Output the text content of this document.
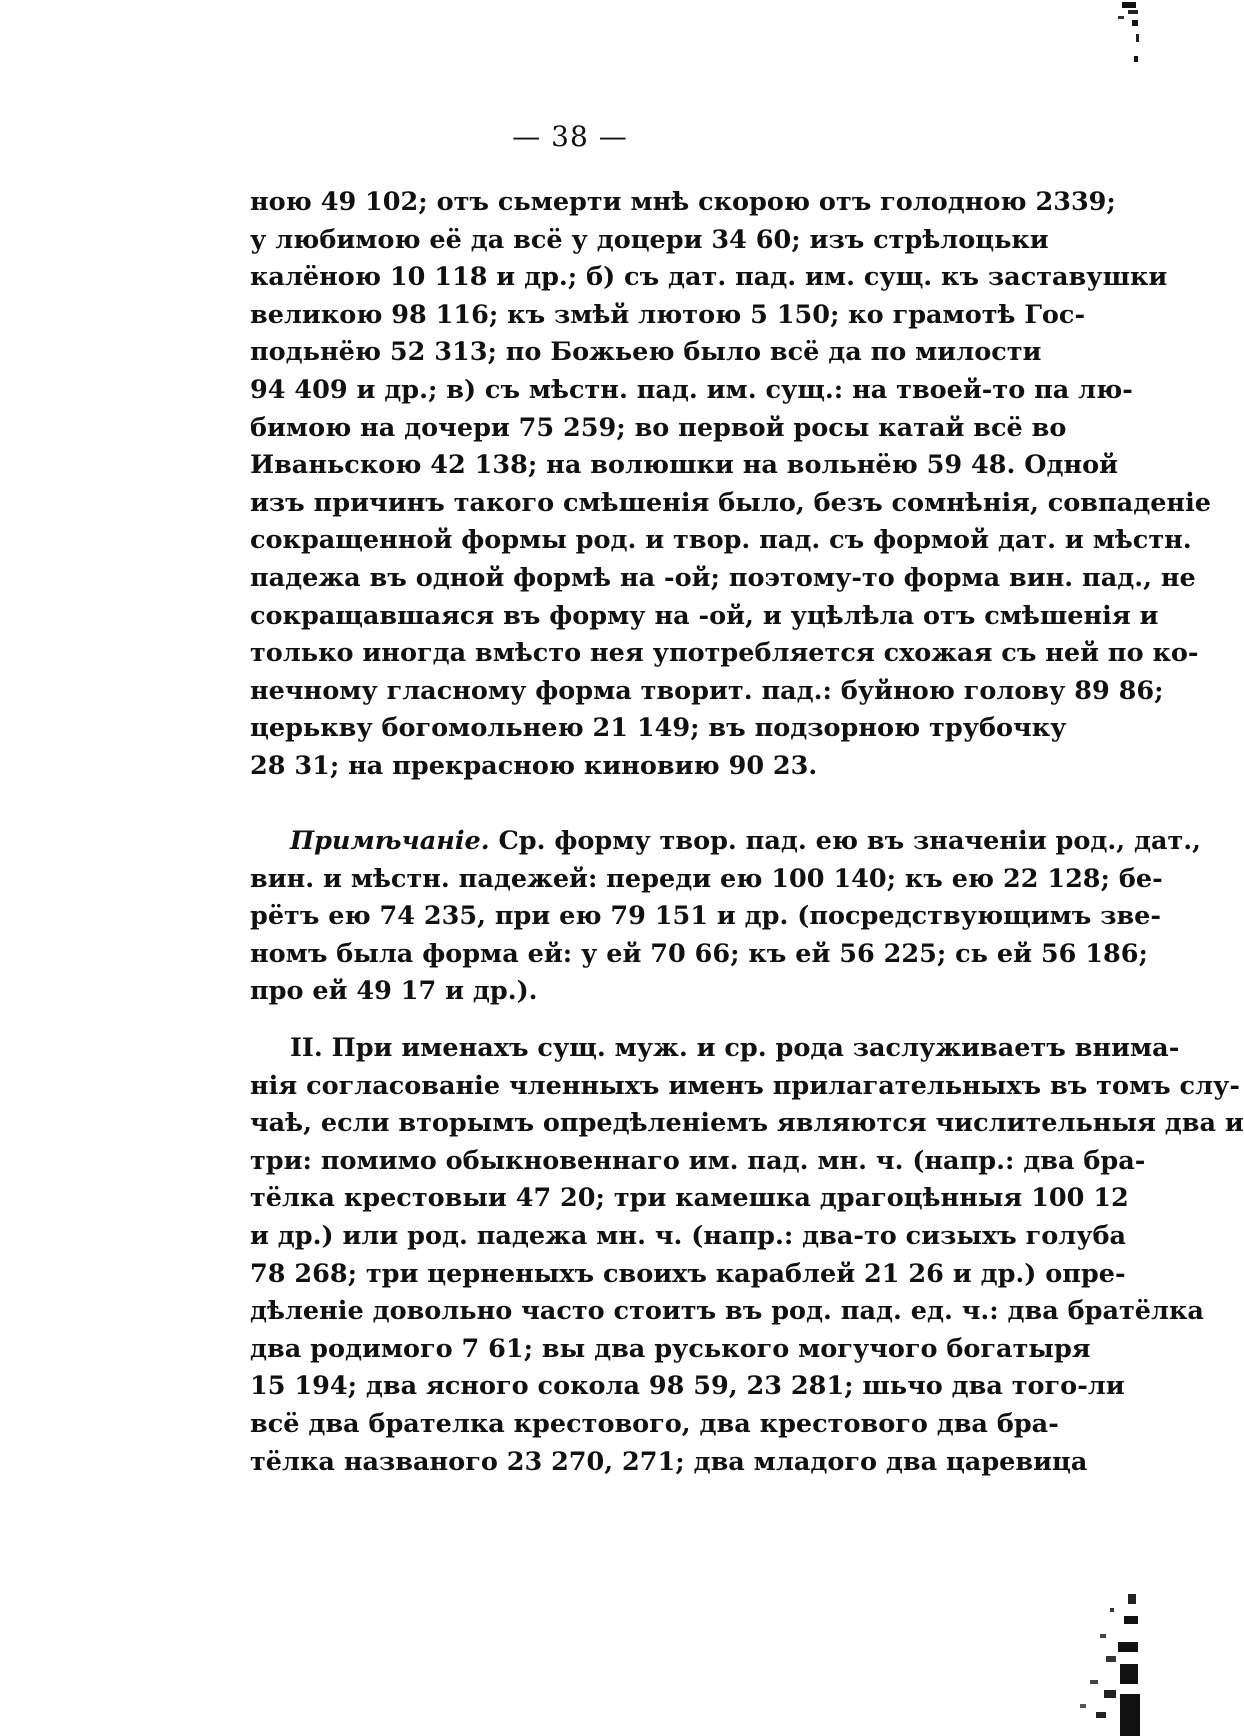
— 38 —
ною 49 102; отъ сьмерти мнѣ скорою отъ голодною 2339;
у любимою её да всё у доцери 34 60; изъ стрѣлоцьки
калёною 10 118 и др.; б) съ дат. пад. им. сущ. къ заставушки
великою 98 116; къ змѣй лютою 5 150; ко грамотѣ Гос-
подьнёю 52 313; по Божьею было всё да по милости
94 409 и др.; в) съ мѣстн. пад. им. сущ.: на твоей-то па лю-
бимою на дочери 75 259; во первой росы катай всё во
Иваньскою 42 138; на волюшки на вольнёю 59 48. Одной
изъ причинъ такого смѣшенія было, безъ сомнѣнія, совпаденіе
сокращенной формы род. и твор. пад. съ формой дат. и мѣстн.
падежа въ одной формѣ на -ой; поэтому-то форма вин. пад., не
сокращавшаяся въ форму на -ой, и уцѣлѣла отъ смѣшенія и
только иногда вмѣсто нея употребляется схожая съ ней по ко-
нечному гласному форма творит. пад.: буйною голову 89 86;
церькву богомольнею 21 149; въ подзорною трубочку
28 31; на прекрасною киновию 90 23.
Примѣчаніе. Ср. форму твор. пад. ею въ значеніи род., дат.,
вин. и мѣстн. падежей: переди ею 100 140; къ ею 22 128; бе-
рётъ ею 74 235, при ею 79 151 и др. (посредствующимъ зве-
номъ была форма ей: у ей 70 66; къ ей 56 225; сь ей 56 186;
про ей 49 17 и др.).
II. При именахъ сущ. муж. и ср. рода заслуживаетъ внима-
нія согласованіе членныхъ именъ прилагательныхъ въ томъ слу-
чаѣ, если вторымъ опредѣленіемъ являются числительныя два и
три: помимо обыкновеннаго им. пад. мн. ч. (напр.: два бра-
тёлка крестовыи 47 20; три камешка драгоцѣнныя 100 12
и др.) или род. падежа мн. ч. (напр.: два-то сизыхъ голуба
78 268; три церненыхъ своихъ караблей 21 26 и др.) опре-
дѣленіе довольно часто стоитъ въ род. пад. ед. ч.: два братёлка
два родимого 7 61; вы два руського могучого богатыря
15 194; два ясного сокола 98 59, 23 281; шьчо два того-ли
всё два брателка крестового, два крестового два бра-
тёлка названого 23 270, 271; два младого два царевица
